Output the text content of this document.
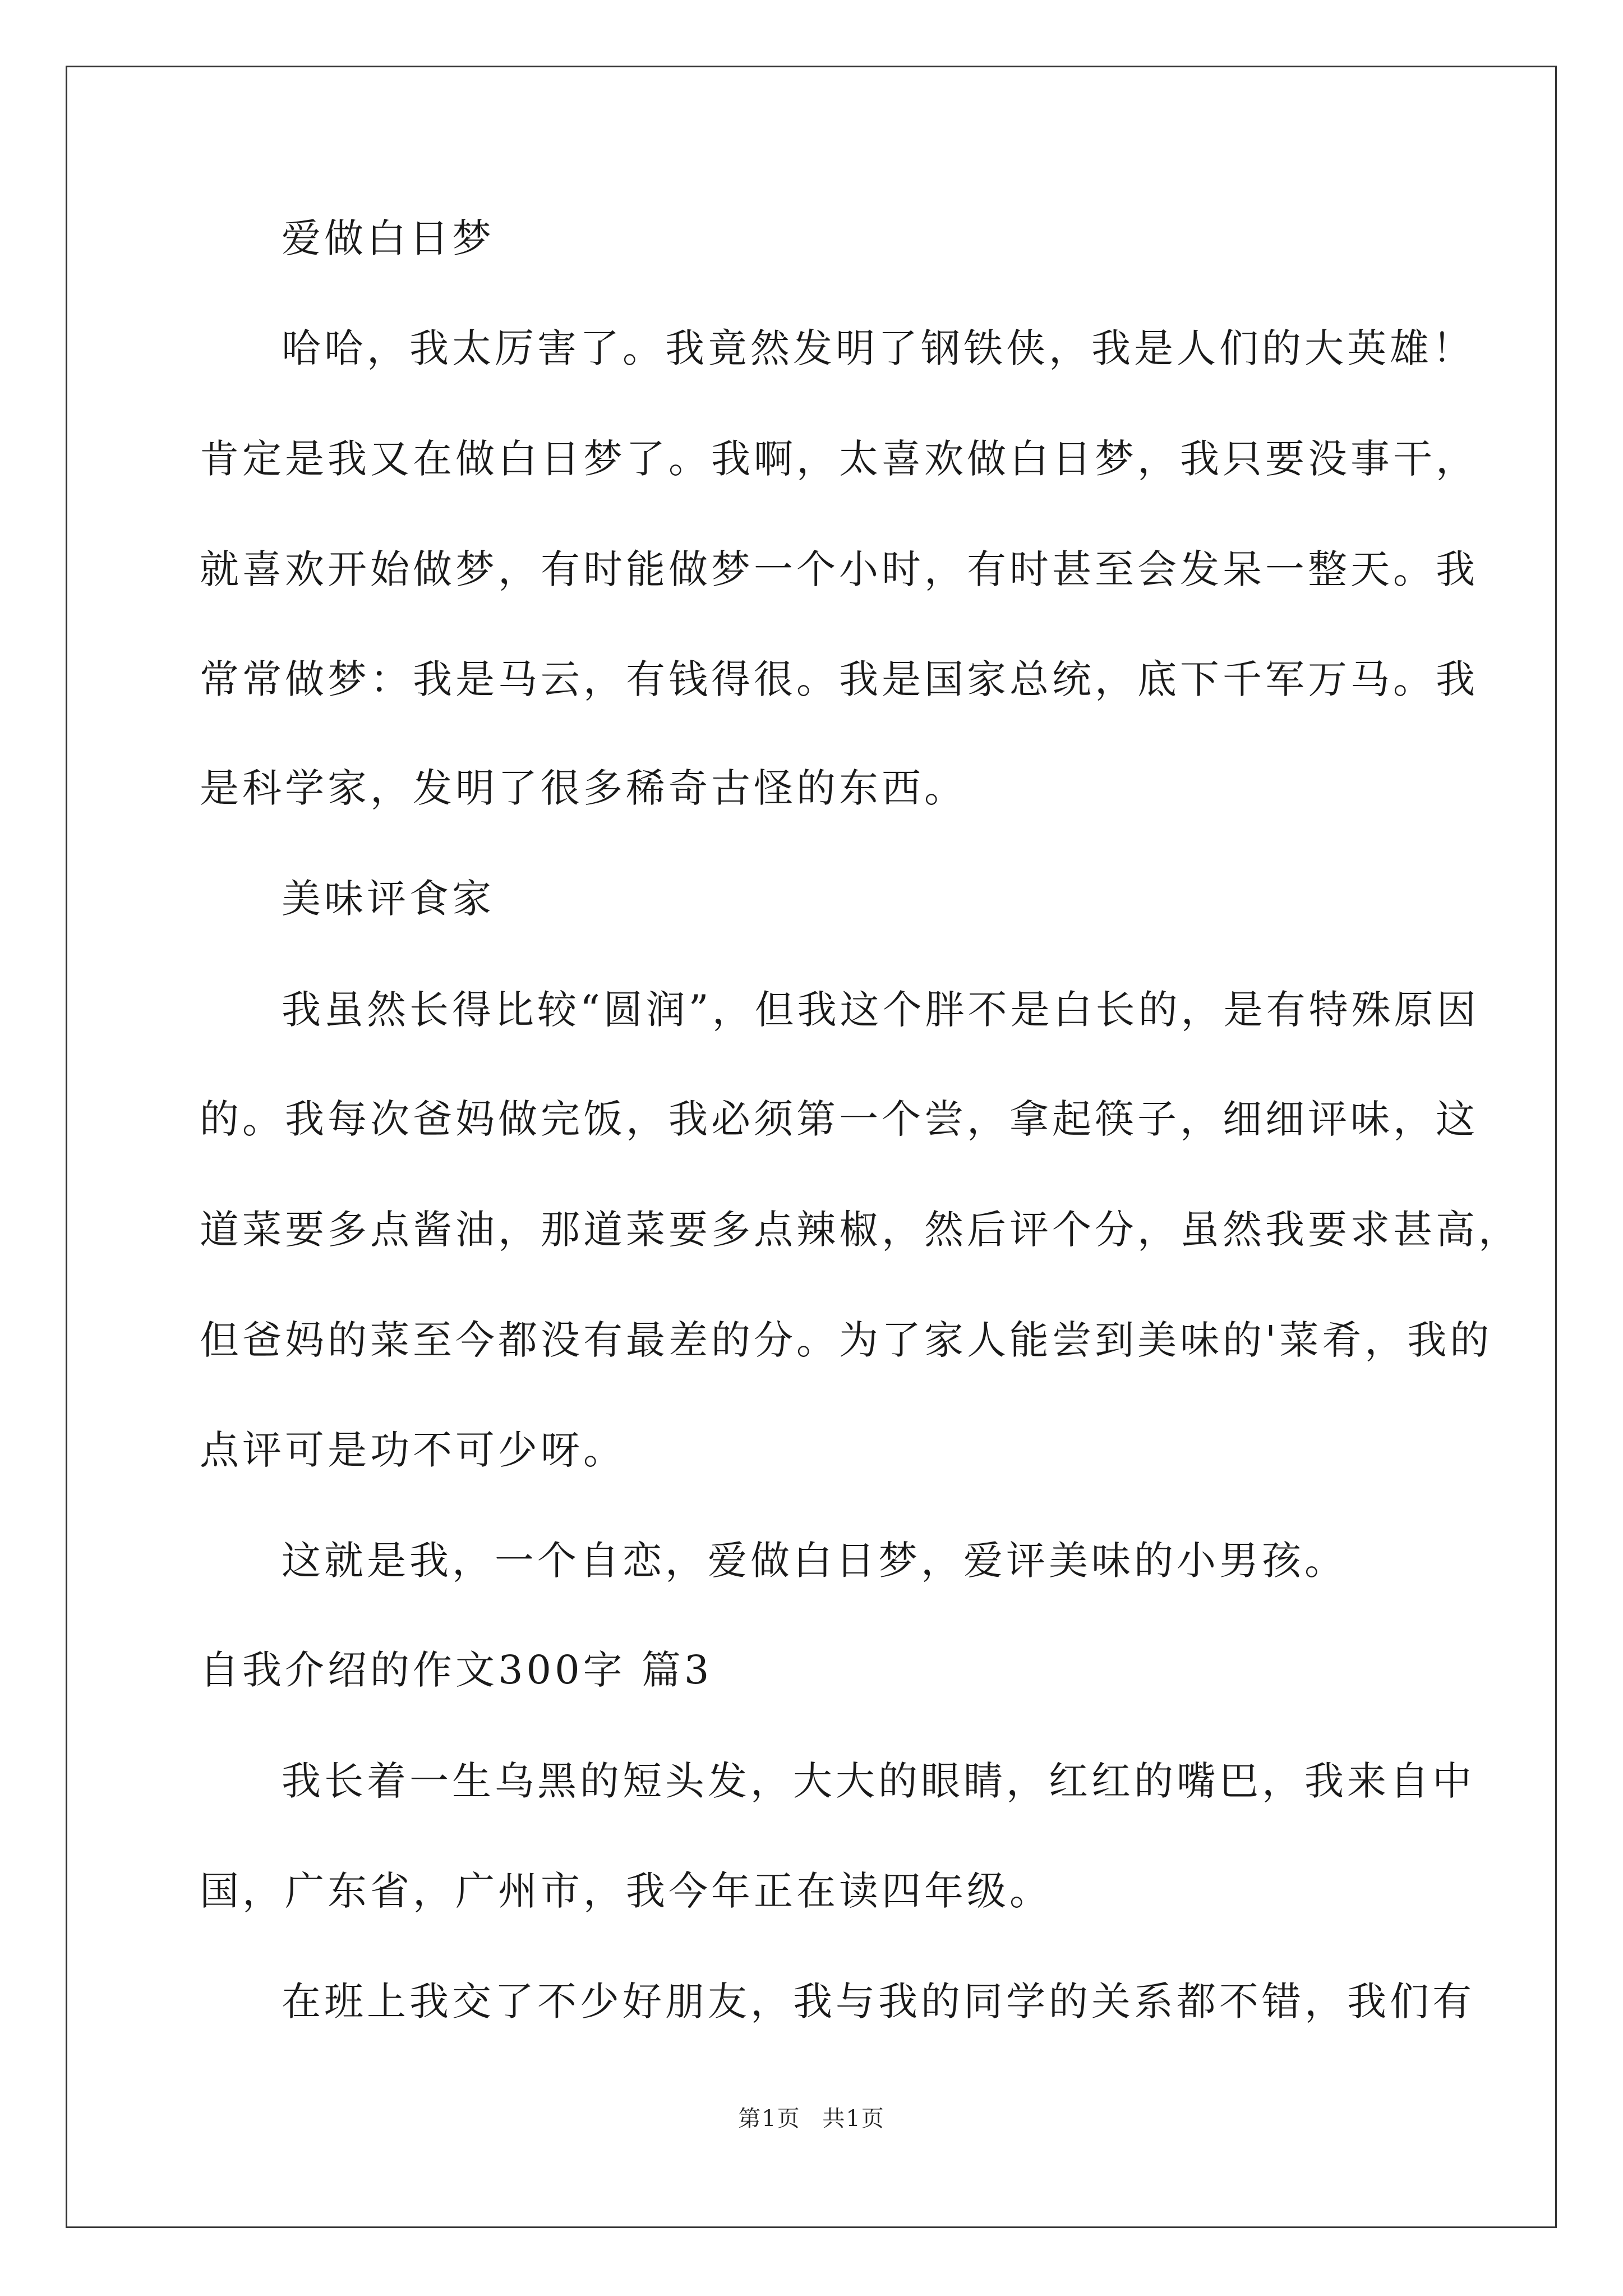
爱做白日梦

哈哈，我太厉害了。我竟然发明了钢铁侠，我是人们的大英雄！

肯定是我又在做白日梦了。我啊，太喜欢做白日梦，我只要没事干，

就喜欢开始做梦，有时能做梦一个小时，有时甚至会发呆一整天。我

常常做梦：我是马云，有钱得很。我是国家总统，底下千军万马。我

是科学家，发明了很多稀奇古怪的东西。

美味评食家

我虽然长得比较“圆润”，但我这个胖不是白长的，是有特殊原因

的。我每次爸妈做完饭，我必须第一个尝，拿起筷子，细细评味，这

道菜要多点酱油，那道菜要多点辣椒，然后评个分，虽然我要求甚高，

但爸妈的菜至今都没有最差的分。为了家人能尝到美味的'菜肴，我的

点评可是功不可少呀。

这就是我，一个自恋，爱做白日梦，爱评美味的小男孩。

自我介绍的作文300字 篇3

我长着一生乌黑的短头发，大大的眼睛，红红的嘴巴，我来自中

国，广东省，广州市，我今年正在读四年级。

在班上我交了不少好朋友，我与我的同学的关系都不错，我们有

第1页 共1页
